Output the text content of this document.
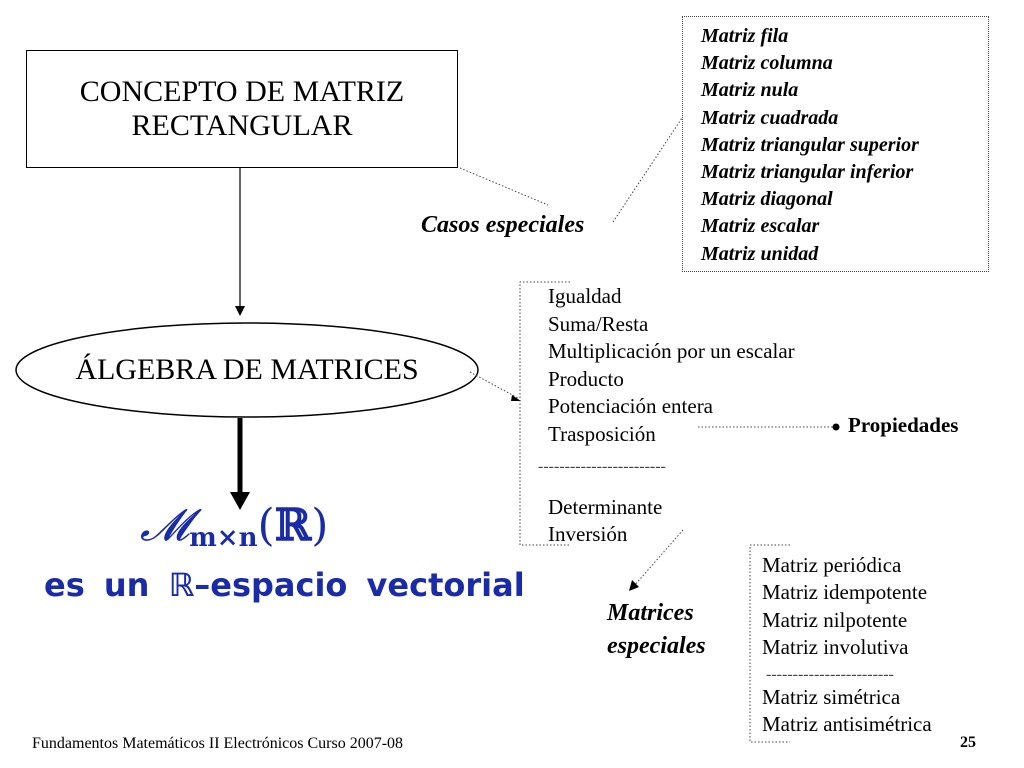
CONCEPTO DE MATRIZ
RECTANGULAR
ÁLGEBRA DE MATRICES
Casos especiales
Matriz fila
Matriz columna
Matriz nula
Matriz cuadrada
Matriz triangular superior
Matriz triangular inferior
Matriz diagonal
Matriz escalar
Matriz unidad
Igualdad
Suma/Resta
Multiplicación por un escalar
Producto
Potenciación entera
Trasposición
Determinante
Inversión
------------------------
Propiedades
Matrices
especiales
Matriz periódica
Matriz idempotente
Matriz nilpotente
Matriz involutiva
Matriz simétrica
Matriz antisimétrica
------------------------
𝓜m×n(ℝ)
es un ℝ–espacio vectorial
Fundamentos Matemáticos II Electrónicos Curso 2007-08	25
